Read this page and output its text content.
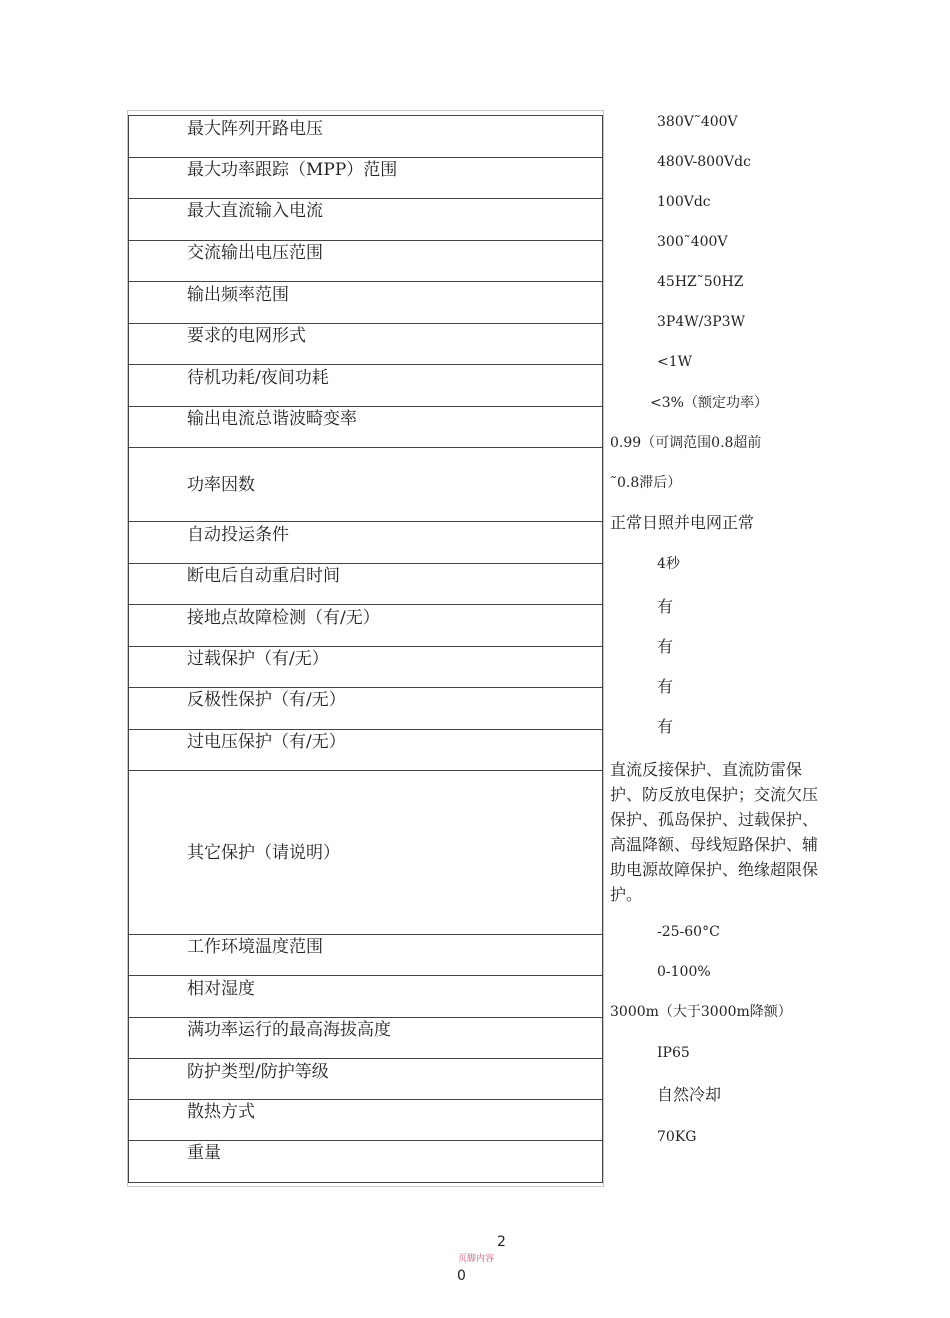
最大阵列开路电压
最大功率跟踪（MPP）范围
最大直流输入电流
交流输出电压范围
输出频率范围
要求的电网形式
待机功耗/夜间功耗
输出电流总谐波畸变率
功率因数
自动投运条件
断电后自动重启时间
接地点故障检测（有/无）
过载保护（有/无）
反极性保护（有/无）
过电压保护（有/无）
其它保护（请说明）
工作环境温度范围
相对湿度
满功率运行的最高海拔高度
防护类型/防护等级
散热方式
重量
380V˜400V
480V-800Vdc
100Vdc
300˜400V
45HZ˜50HZ
3P4W/3P3W
<1W
<3%（额定功率）
0.99（可调范围0.8超前
˜0.8滞后）
正常日照并电网正常
4秒
有
有
有
有
直流反接保护、直流防雷保护、防反放电保护；交流欠压保护、孤岛保护、过载保护、高温降额、母线短路保护、辅助电源故障保护、绝缘超限保护。
-25-60°C
0-100%
3000m（大于3000m降额）
IP65
自然冷却
70KG
2
页脚内容
0
